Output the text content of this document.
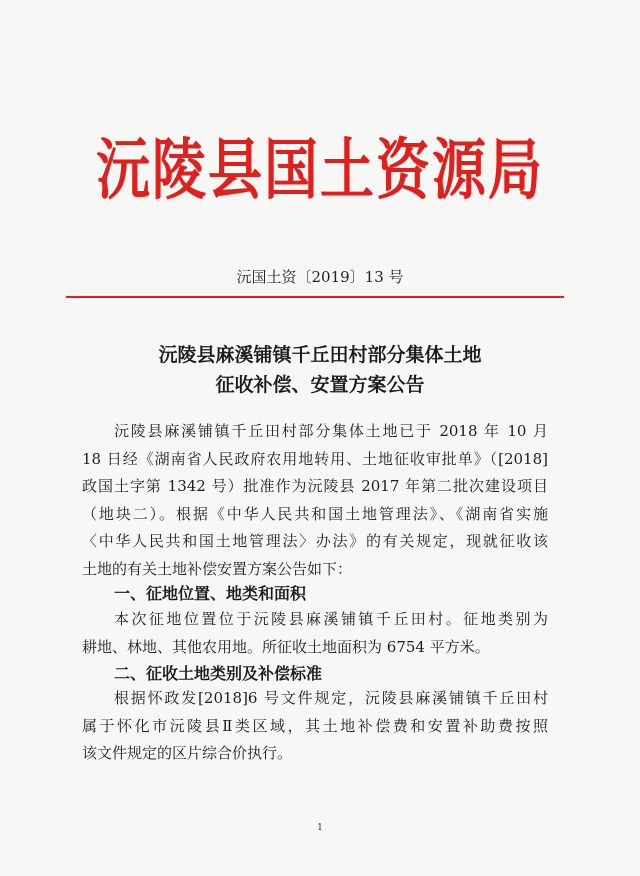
沅陵县国土资源局
沅国土资〔2019〕13 号
沅陵县麻溪铺镇千丘田村部分集体土地
征收补偿、安置方案公告
沅陵县麻溪铺镇千丘田村部分集体土地已于 2018 年 10 月
18 日经《湖南省人民政府农用地转用、土地征收审批单》（[2018]
政国土字第 1342 号）批准作为沅陵县 2017 年第二批次建设项目
（地块二）。根据《中华人民共和国土地管理法》、《湖南省实施
〈中华人民共和国土地管理法〉办法》的有关规定，现就征收该
土地的有关土地补偿安置方案公告如下：
一、征地位置、地类和面积
本次征地位置位于沅陵县麻溪铺镇千丘田村。征地类别为
耕地、林地、其他农用地。所征收土地面积为 6754 平方米。
二、征收土地类别及补偿标准
根据怀政发[2018]6 号文件规定，沅陵县麻溪铺镇千丘田村
属于怀化市沅陵县Ⅱ类区域，其土地补偿费和安置补助费按照
该文件规定的区片综合价执行。
1
